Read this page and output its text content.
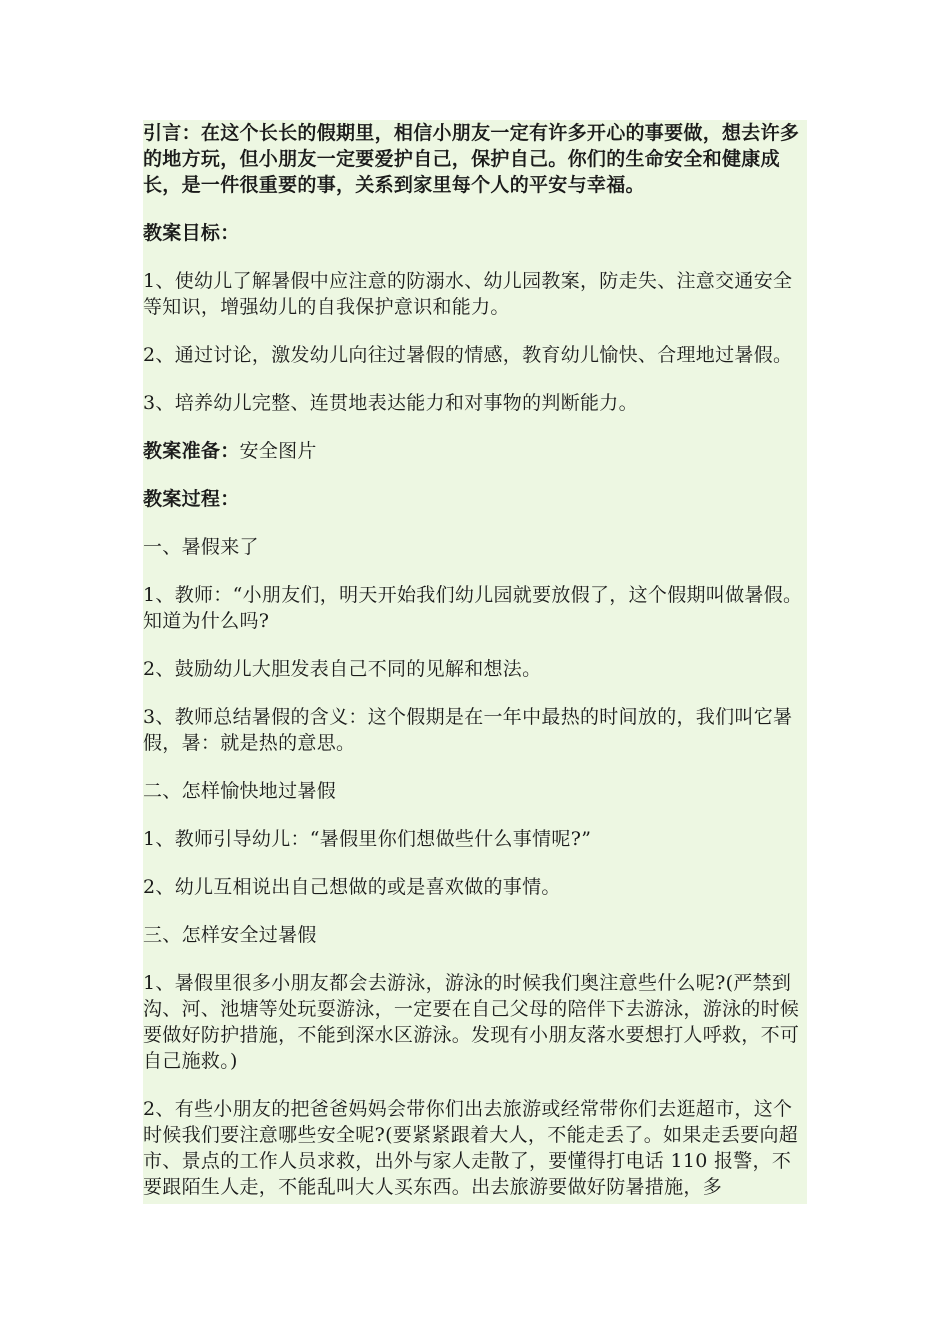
引言：在这个长长的假期里，相信小朋友一定有许多开心的事要做，想去许多的地方玩，但小朋友一定要爱护自己，保护自己。你们的生命安全和健康成长，是一件很重要的事，关系到家里每个人的平安与幸福。

教案目标：

1、使幼儿了解暑假中应注意的防溺水、幼儿园教案，防走失、注意交通安全等知识，增强幼儿的自我保护意识和能力。

2、通过讨论，激发幼儿向往过暑假的情感，教育幼儿愉快、合理地过暑假。

3、培养幼儿完整、连贯地表达能力和对事物的判断能力。

教案准备：安全图片

教案过程：

一、暑假来了

1、教师：“小朋友们，明天开始我们幼儿园就要放假了，这个假期叫做暑假。知道为什么吗?

2、鼓励幼儿大胆发表自己不同的见解和想法。

3、教师总结暑假的含义：这个假期是在一年中最热的时间放的，我们叫它暑假，暑：就是热的意思。

二、怎样愉快地过暑假

1、教师引导幼儿：“暑假里你们想做些什么事情呢?”

2、幼儿互相说出自己想做的或是喜欢做的事情。

三、怎样安全过暑假

1、暑假里很多小朋友都会去游泳，游泳的时候我们奥注意些什么呢?(严禁到沟、河、池塘等处玩耍游泳，一定要在自己父母的陪伴下去游泳，游泳的时候要做好防护措施，不能到深水区游泳。发现有小朋友落水要想打人呼救，不可自己施救。)

2、有些小朋友的把爸爸妈妈会带你们出去旅游或经常带你们去逛超市，这个时候我们要注意哪些安全呢?(要紧紧跟着大人，不能走丢了。如果走丢要向超市、景点的工作人员求救，出外与家人走散了，要懂得打电话 110 报警，不要跟陌生人走，不能乱叫大人买东西。出去旅游要做好防暑措施，多
